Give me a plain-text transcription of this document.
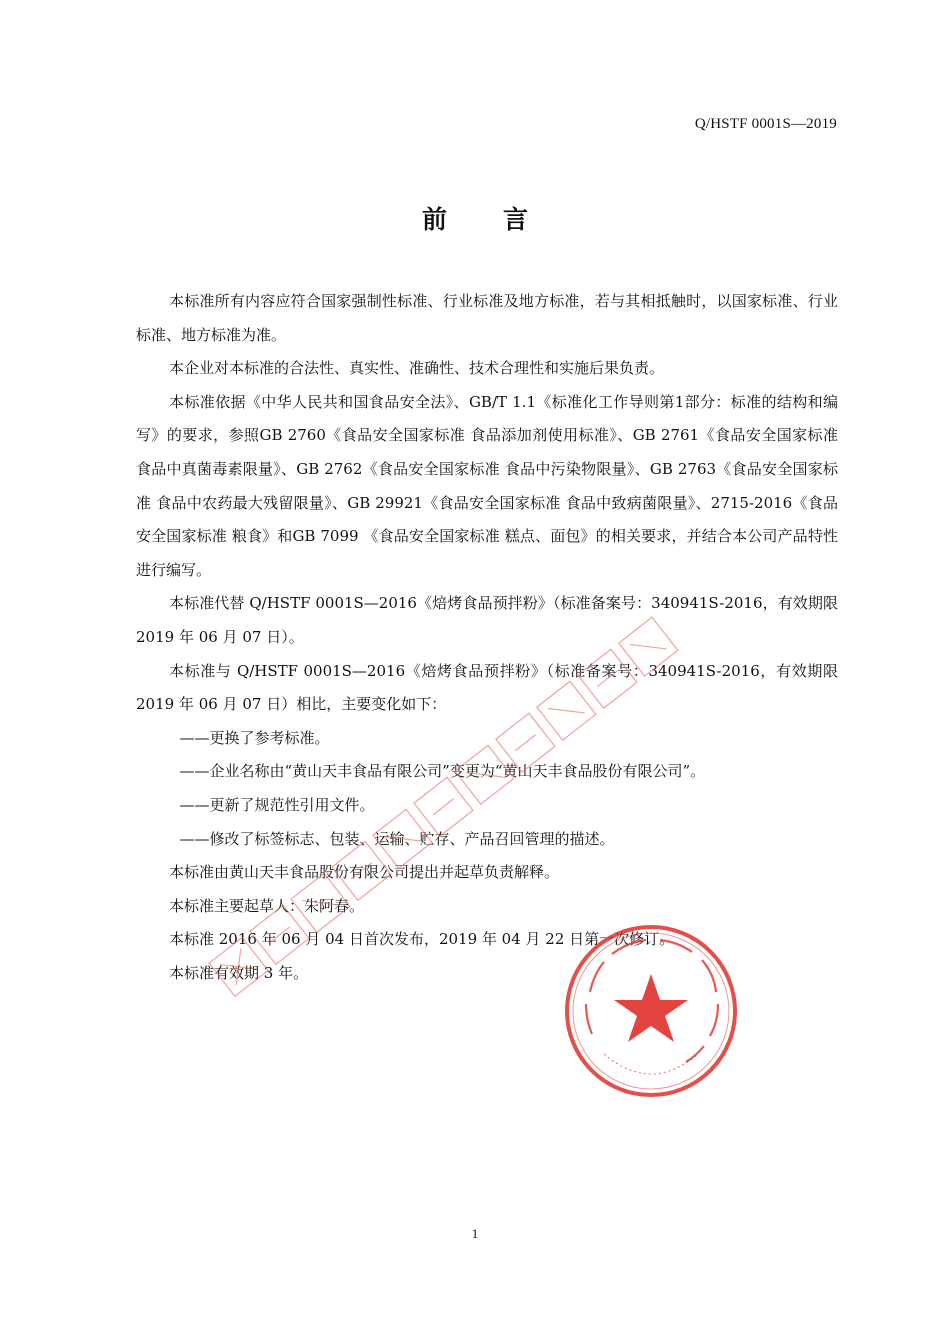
Q/HSTF 0001S—2019
前言

本标准所有内容应符合国家强制性标准、行业标准及地方标准，若与其相抵触时，以国家标准、行业标准、地方标准为准。

本企业对本标准的合法性、真实性、准确性、技术合理性和实施后果负责。

本标准依据《中华人民共和国食品安全法》、GB/T 1.1《标准化工作导则第1部分：标准的结构和编写》的要求，参照GB 2760《食品安全国家标准 食品添加剂使用标准》、GB 2761《食品安全国家标准 食品中真菌毒素限量》、GB 2762《食品安全国家标准 食品中污染物限量》、GB 2763《食品安全国家标准 食品中农药最大残留限量》、GB 29921《食品安全国家标准 食品中致病菌限量》、2715-2016《食品安全国家标准 粮食》和GB 7099 《食品安全国家标准 糕点、面包》的相关要求，并结合本公司产品特性进行编写。

本标准代替 Q/HSTF 0001S—2016《焙烤食品预拌粉》（标准备案号：340941S-2016，有效期限 2019 年 06 月 07 日）。

本标准与 Q/HSTF 0001S—2016《焙烤食品预拌粉》（标准备案号：340941S-2016，有效期限 2019 年 06 月 07 日）相比，主要变化如下：

——更换了参考标准。

——企业名称由“黄山天丰食品有限公司”变更为“黄山天丰食品股份有限公司”。

——更新了规范性引用文件。

——修改了标签标志、包装、运输、贮存、产品召回管理的描述。

本标准由黄山天丰食品股份有限公司提出并起草负责解释。

本标准主要起草人：朱阿春。

本标准 2016 年 06 月 04 日首次发布，2019 年 04 月 22 日第一次修订。

本标准有效期 3 年。

1
